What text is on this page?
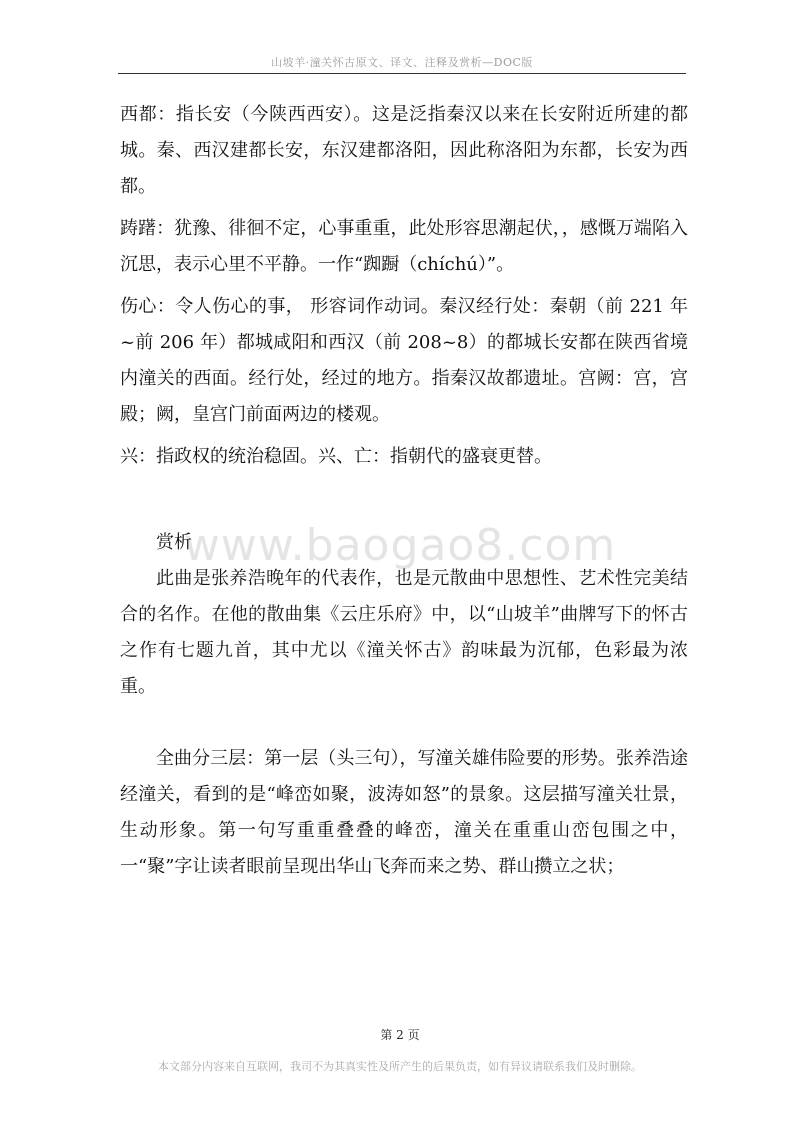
山坡羊·潼关怀古原文、译文、注释及赏析—DOC版
www.baogao8.com

西都：指长安（今陕西西安）。这是泛指秦汉以来在长安附近所建的都城。秦、西汉建都长安，东汉建都洛阳，因此称洛阳为东都，长安为西都。

踌躇：犹豫、徘徊不定，心事重重，此处形容思潮起伏，，感慨万端陷入沉思，表示心里不平静。一作“踟蹰（chíchú）”。

伤心：令人伤心的事， 形容词作动词。秦汉经行处：秦朝（前 221 年~前 206 年）都城咸阳和西汉（前 208~8）的都城长安都在陕西省境内潼关的西面。经行处，经过的地方。指秦汉故都遗址。宫阙：宫，宫殿；阙，皇宫门前面两边的楼观。

兴：指政权的统治稳固。兴、亡：指朝代的盛衰更替。

赏析

此曲是张养浩晚年的代表作，也是元散曲中思想性、艺术性完美结合的名作。在他的散曲集《云庄乐府》中，以“山坡羊”曲牌写下的怀古之作有七题九首，其中尤以《潼关怀古》韵味最为沉郁，色彩最为浓重。

全曲分三层：第一层（头三句），写潼关雄伟险要的形势。张养浩途经潼关，看到的是“峰峦如聚，波涛如怒”的景象。这层描写潼关壮景，生动形象。第一句写重重叠叠的峰峦，潼关在重重山峦包围之中，一“聚”字让读者眼前呈现出华山飞奔而来之势、群山攒立之状；

第 2 页
本文部分内容来自互联网，我司不为其真实性及所产生的后果负责，如有异议请联系我们及时删除。
